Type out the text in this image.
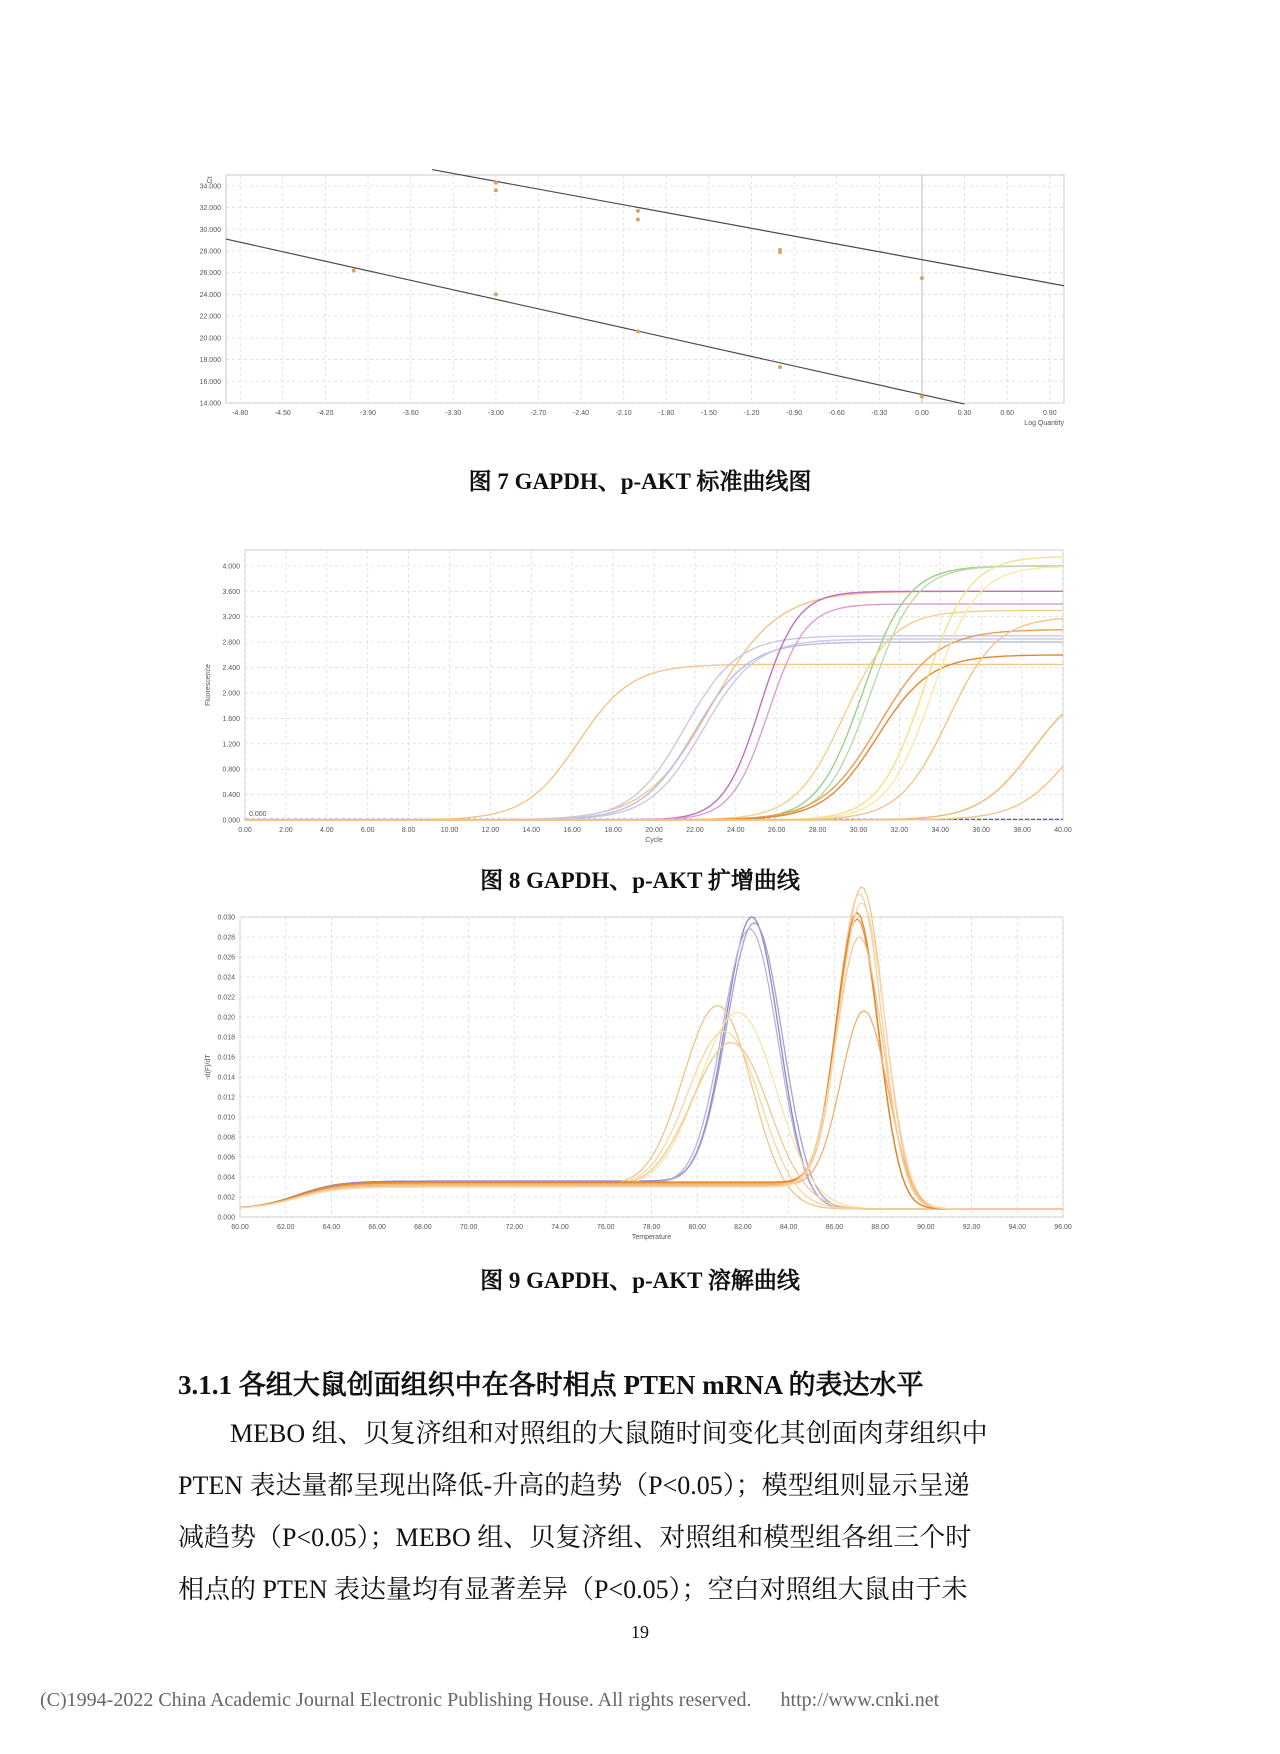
-4.80	-4.50	-4.20	-3.90	-3.60	-3.30	-3.00	-2.70	-2.40	-2.10	-1.80	-1.50	-1.20	-0.90	-0.60	-0.30	0.00	0.30	0.60	0.90
14.000
16.000
18.000
20.000
22.000
24.000
26.000
28.000
30.000
32.000
34.000
Log Quantity
Ct
图 7 GAPDH、p-AKT 标准曲线图
0.00	2.00	4.00	6.00	8.00	10.00	12.00	14.00	16.00	18.00	20.00	22.00	24.00	26.00	28.00	30.00	32.00	34.00	36.00	38.00	40.00
0.000
0.400
0.800
1.200
1.600
2.000
2.400
2.800
3.200
3.600
4.000
Cycle
Fluorescence
0.000
图 8 GAPDH、p-AKT 扩增曲线
60.00	62.00	64.00	66.00	68.00	70.00	72.00	74.00	76.00	78.00	80.00	82.00	84.00	86.00	88.00	90.00	92.00	94.00	96.00
0.000
0.002
0.004
0.006
0.008
0.010
0.012
0.014
0.016
0.018
0.020
0.022
0.024
0.026
0.028
0.030
Temperature
-d(F)/dT
图 9 GAPDH、p-AKT 溶解曲线
3.1.1 各组大鼠创面组织中在各时相点 PTEN mRNA 的表达水平

　　MEBO 组、贝复济组和对照组的大鼠随时间变化其创面肉芽组织中

PTEN 表达量都呈现出降低-升高的趋势（P<0.05）；模型组则显示呈递

减趋势（P<0.05）；MEBO 组、贝复济组、对照组和模型组各组三个时

相点的 PTEN 表达量均有显著差异（P<0.05）；空白对照组大鼠由于未

19
(C)1994-2022 China Academic Journal Electronic Publishing House. All rights reserved. http://www.cnki.net
